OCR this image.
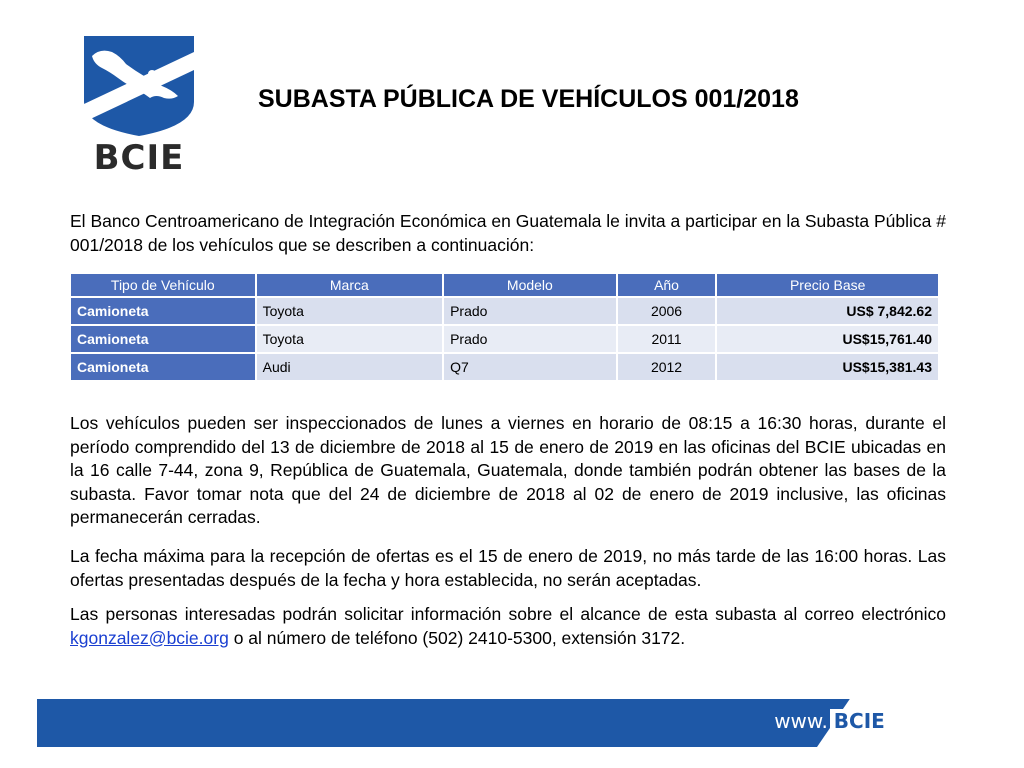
BCIE
SUBASTA PÚBLICA DE VEHÍCULOS 001/2018
El Banco Centroamericano de Integración Económica en Guatemala le invita a participar en la Subasta Pública # 001/2018 de los vehículos que se describen a continuación:
Tipo de Vehículo	Marca	Modelo	Año	Precio Base
Camioneta	Toyota	Prado	2006	US$ 7,842.62
Camioneta	Toyota	Prado	2011	US$15,761.40
Camioneta	Audi	Q7	2012	US$15,381.43
Los vehículos pueden ser inspeccionados de lunes a viernes en horario de 08:15 a 16:30 horas, durante el período comprendido del 13 de diciembre de 2018 al 15 de enero de 2019 en las oficinas del BCIE ubicadas en la 16 calle 7-44, zona 9, República de Guatemala, Guatemala, donde también podrán obtener las bases de la subasta. Favor tomar nota que del 24 de diciembre de 2018 al 02 de enero de 2019 inclusive, las oficinas permanecerán cerradas.
La fecha máxima para la recepción de ofertas es el 15 de enero de 2019, no más tarde de las 16:00 horas. Las ofertas presentadas después de la fecha y hora establecida, no serán aceptadas.
Las personas interesadas podrán solicitar información sobre el alcance de esta subasta al correo electrónico kgonzalez@bcie.org o al número de teléfono (502) 2410-5300, extensión 3172.
www. BCIE .org
